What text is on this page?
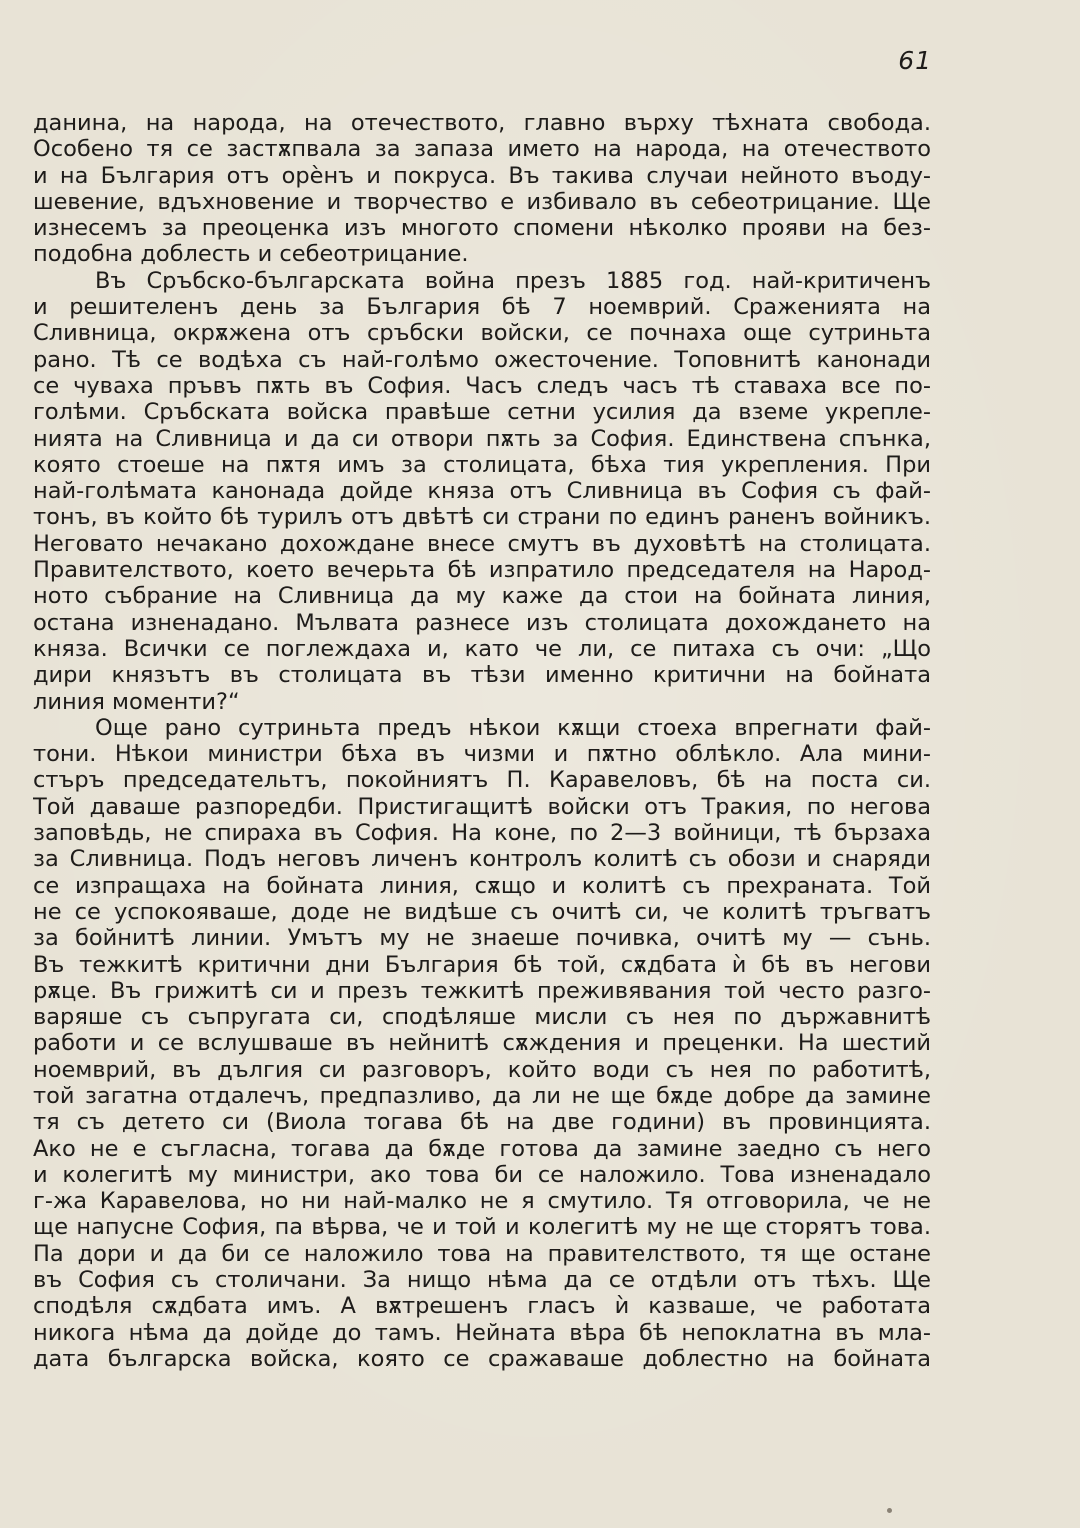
61
данина, на народа, на отечеството, главно върху тѣхната свобода.
Особено тя се застѫпвала за запаза името на народа, на отечеството
и на България отъ орѐнъ и покруса. Въ такива случаи нейното въоду-
шевение, вдъхновение и творчество е избивало въ себеотрицание. Ще
изнесемъ за преоценка изъ многото спомени нѣколко прояви на без-
подобна доблесть и себеотрицание.
Въ Сръбско-българската война презъ 1885 год. най-критиченъ
и решителенъ день за България бѣ 7 ноемврий. Сраженията на
Сливница, окрѫжена отъ сръбски войски, се почнаха още сутриньта
рано. Тѣ се водѣха съ най-голѣмо ожесточение. Топовнитѣ канонади
се чуваха пръвъ пѫть въ София. Часъ следъ часъ тѣ ставаха все по-
голѣми. Сръбската войска правѣше сетни усилия да вземе укрепле-
нията на Сливница и да си отвори пѫть за София. Единствена спънка,
която стоеше на пѫтя имъ за столицата, бѣха тия укрепления. При
най-голѣмата канонада дойде княза отъ Сливница въ София съ фай-
тонъ, въ който бѣ турилъ отъ двѣтѣ си страни по единъ раненъ войникъ.
Неговато нечакано дохождане внесе смутъ въ духовѣтѣ на столицата.
Правителството, което вечерьта бѣ изпратило председателя на Народ-
ното събрание на Сливница да му каже да стои на бойната линия,
остана изненадано. Мълвата разнесе изъ столицата дохождането на
княза. Всички се поглеждаха и, като че ли, се питаха съ очи: „Що
дири князътъ въ столицата въ тѣзи именно критични на бойната
линия моменти?“
Още рано сутриньта предъ нѣкои кѫщи стоеха впрегнати фай-
тони. Нѣкои министри бѣха въ чизми и пѫтно облѣкло. Ала мини-
стъръ председательтъ, покойниятъ П. Каравеловъ, бѣ на поста си.
Той даваше разпоредби. Пристигащитѣ войски отъ Тракия, по негова
заповѣдь, не спираха въ София. На коне, по 2—3 войници, тѣ бързаха
за Сливница. Подъ неговъ личенъ контролъ колитѣ съ обози и снаряди
се изпращаха на бойната линия, сѫщо и колитѣ съ прехраната. Той
не се успокояваше, доде не видѣше съ очитѣ си, че колитѣ тръгватъ
за бойнитѣ линии. Умътъ му не знаеше почивка, очитѣ му — сънь.
Въ тежкитѣ критични дни България бѣ той, сѫдбата ѝ бѣ въ негови
рѫце. Въ грижитѣ си и презъ тежкитѣ преживявания той често разго-
варяше съ съпругата си, сподѣляше мисли съ нея по държавнитѣ
работи и се вслушваше въ нейнитѣ сѫждения и преценки. На шестий
ноемврий, въ дългия си разговоръ, който води съ нея по работитѣ,
той загатна отдалечъ, предпазливо, да ли не ще бѫде добре да замине
тя съ детето си (Виола тогава бѣ на две години) въ провинцията.
Ако не е съгласна, тогава да бѫде готова да замине заедно съ него
и колегитѣ му министри, ако това би се наложило. Това изненадало
г-жа Каравелова, но ни най-малко не я смутило. Тя отговорила, че не
ще напусне София, па вѣрва, че и той и колегитѣ му не ще сторятъ това.
Па дори и да би се наложило това на правителството, тя ще остане
въ София съ столичани. За нищо нѣма да се отдѣли отъ тѣхъ. Ще
сподѣля сѫдбата имъ. А вѫтрешенъ гласъ ѝ казваше, че работата
никога нѣма да дойде до тамъ. Нейната вѣра бѣ непоклатна въ мла-
дата българска войска, която се сражаваше доблестно на бойната
